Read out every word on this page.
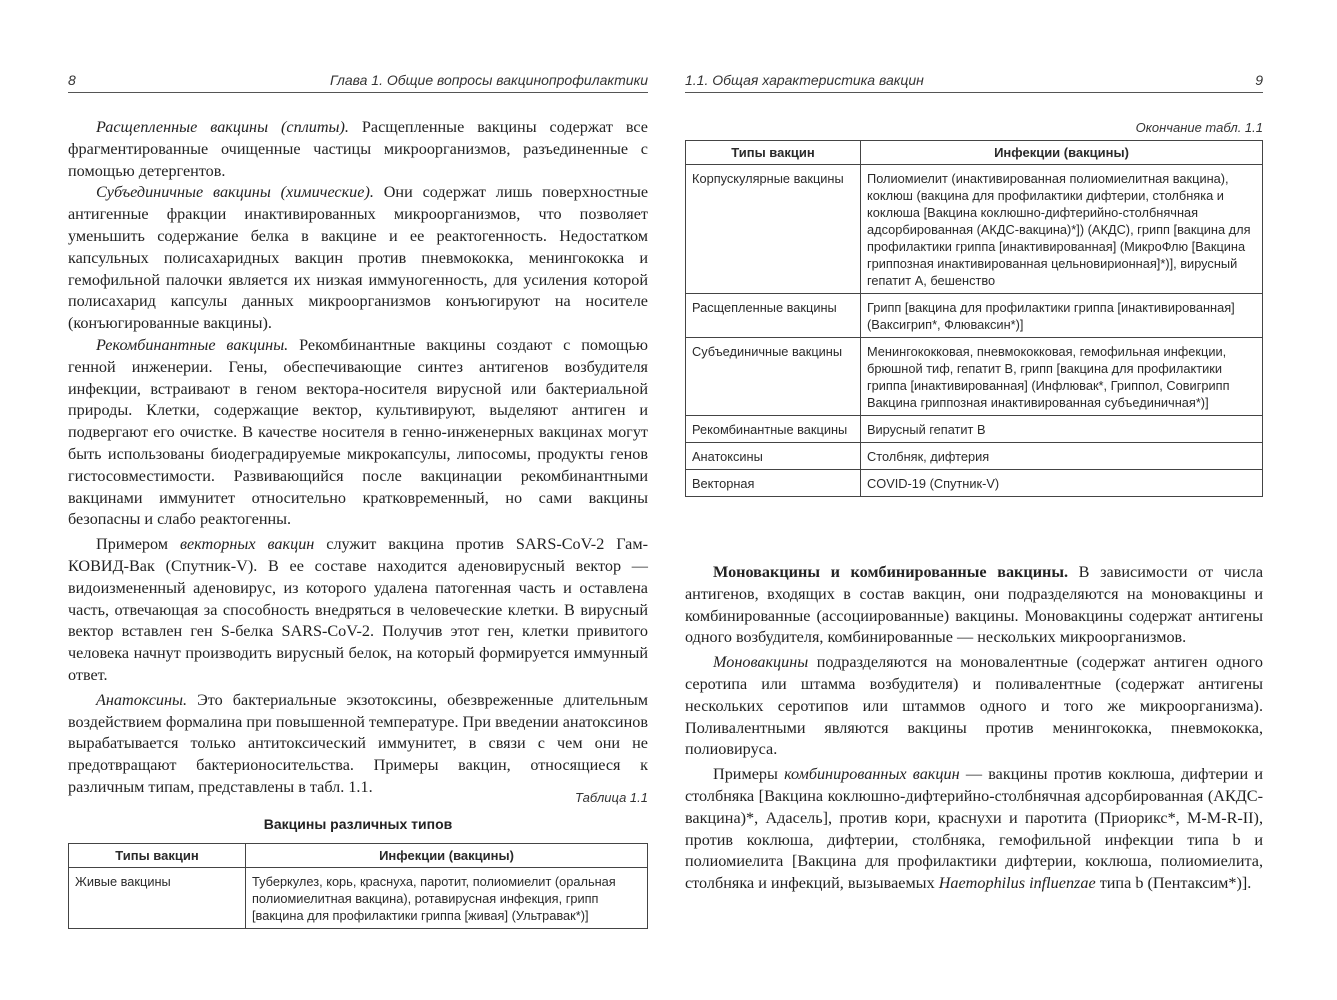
8	Глава 1. Общие вопросы вакцинопрофилактики

Расщепленные вакцины (сплиты). Расщепленные вакцины содержат все фрагментированные очищенные частицы микроорганизмов, разъединенные с помощью детергентов.

Субъединичные вакцины (химические). Они содержат лишь поверхностные антигенные фракции инактивированных микроорганизмов, что позволяет уменьшить содержание белка в вакцине и ее реактогенность. Недостатком капсульных полисахаридных вакцин против пневмококка, менингококка и гемофильной палочки является их низкая иммуногенность, для усиления которой полисахарид капсулы данных микроорганизмов конъюгируют на носителе (конъюгированные вакцины).

Рекомбинантные вакцины. Рекомбинантные вакцины создают с помощью генной инженерии. Гены, обеспечивающие синтез антигенов возбудителя инфекции, встраивают в геном вектора-носителя вирусной или бактериальной природы. Клетки, содержащие вектор, культивируют, выделяют антиген и подвергают его очистке. В качестве носителя в генно-инженерных вакцинах могут быть использованы биодеградируемые микрокапсулы, липосомы, продукты генов гистосовместимости. Развивающийся после вакцинации рекомбинантными вакцинами иммунитет относительно кратковременный, но сами вакцины безопасны и слабо реактогенны.

Примером векторных вакцин служит вакцина против SARS-CoV-2 Гам-КОВИД-Вак (Спутник-V). В ее составе находится аденовирусный вектор — видоизмененный аденовирус, из которого удалена патогенная часть и оставлена часть, отвечающая за способность внедряться в человеческие клетки. В вирусный вектор вставлен ген S-белка SARS-CoV-2. Получив этот ген, клетки привитого человека начнут производить вирусный белок, на который формируется иммунный ответ.

Анатоксины. Это бактериальные экзотоксины, обезвреженные длительным воздействием формалина при повышенной температуре. При введении анатоксинов вырабатывается только антитоксический иммунитет, в связи с чем они не предотвращают бактерионосительства. Примеры вакцин, относящиеся к различным типам, представлены в табл. 1.1.

Таблица 1.1
Вакцины различных типов
Типы вакцин	Инфекции (вакцины)
Живые вакцины	Туберкулез, корь, краснуха, паротит, полиомиелит (оральная полиомиелитная вакцина), ротавирусная инфекция, грипп [вакцина для профилактики гриппа [живая] (Ультравак*)]
1.1. Общая характеристика вакцин	9
Окончание табл. 1.1
Типы вакцин	Инфекции (вакцины)
Корпускулярные вакцины	Полиомиелит (инактивированная полиомиелитная вакцина), коклюш (вакцина для профилактики дифтерии, столбняка и коклюша [Вакцина коклюшно-дифтерийно-столбнячная адсорбированная (АКДС-вакцина)*]) (АКДС), грипп [вакцина для профилактики гриппа [инактивированная] (МикроФлю [Вакцина гриппозная инактивированная цельновирионная]*)], вирусный гепатит А, бешенство
Расщепленные вакцины	Грипп [вакцина для профилактики гриппа [инактивированная] (Ваксигрип*, Флюваксин*)]
Субъединичные вакцины	Менингококковая, пневмококковая, гемофильная инфекции, брюшной тиф, гепатит В, грипп [вакцина для профилактики гриппа [инактивированная] (Инфлювак*, Гриппол, Совигрипп Вакцина гриппозная инактивированная субъединичная*)]
Рекомбинантные вакцины	Вирусный гепатит В
Анатоксины	Столбняк, дифтерия
Векторная	COVID-19 (Спутник-V)

Моновакцины и комбинированные вакцины. В зависимости от числа антигенов, входящих в состав вакцин, они подразделяются на моновакцины и комбинированные (ассоциированные) вакцины. Моновакцины содержат антигены одного возбудителя, комбинированные — нескольких микроорганизмов.

Моновакцины подразделяются на моновалентные (содержат антиген одного серотипа или штамма возбудителя) и поливалентные (содержат антигены нескольких серотипов или штаммов одного и того же микроорганизма). Поливалентными являются вакцины против менингококка, пневмококка, полиовируса.

Примеры комбинированных вакцин — вакцины против коклюша, дифтерии и столбняка [Вакцина коклюшно-дифтерийно-столбнячная адсорбированная (АКДС-вакцина)*, Адасель], против кори, краснухи и паротита (Приорикс*, M-M-R-II), против коклюша, дифтерии, столбняка, гемофильной инфекции типа b и полиомиелита [Вакцина для профилактики дифтерии, коклюша, полиомиелита, столбняка и инфекций, вызываемых Haemophilus influenzae типа b (Пентаксим*)].
